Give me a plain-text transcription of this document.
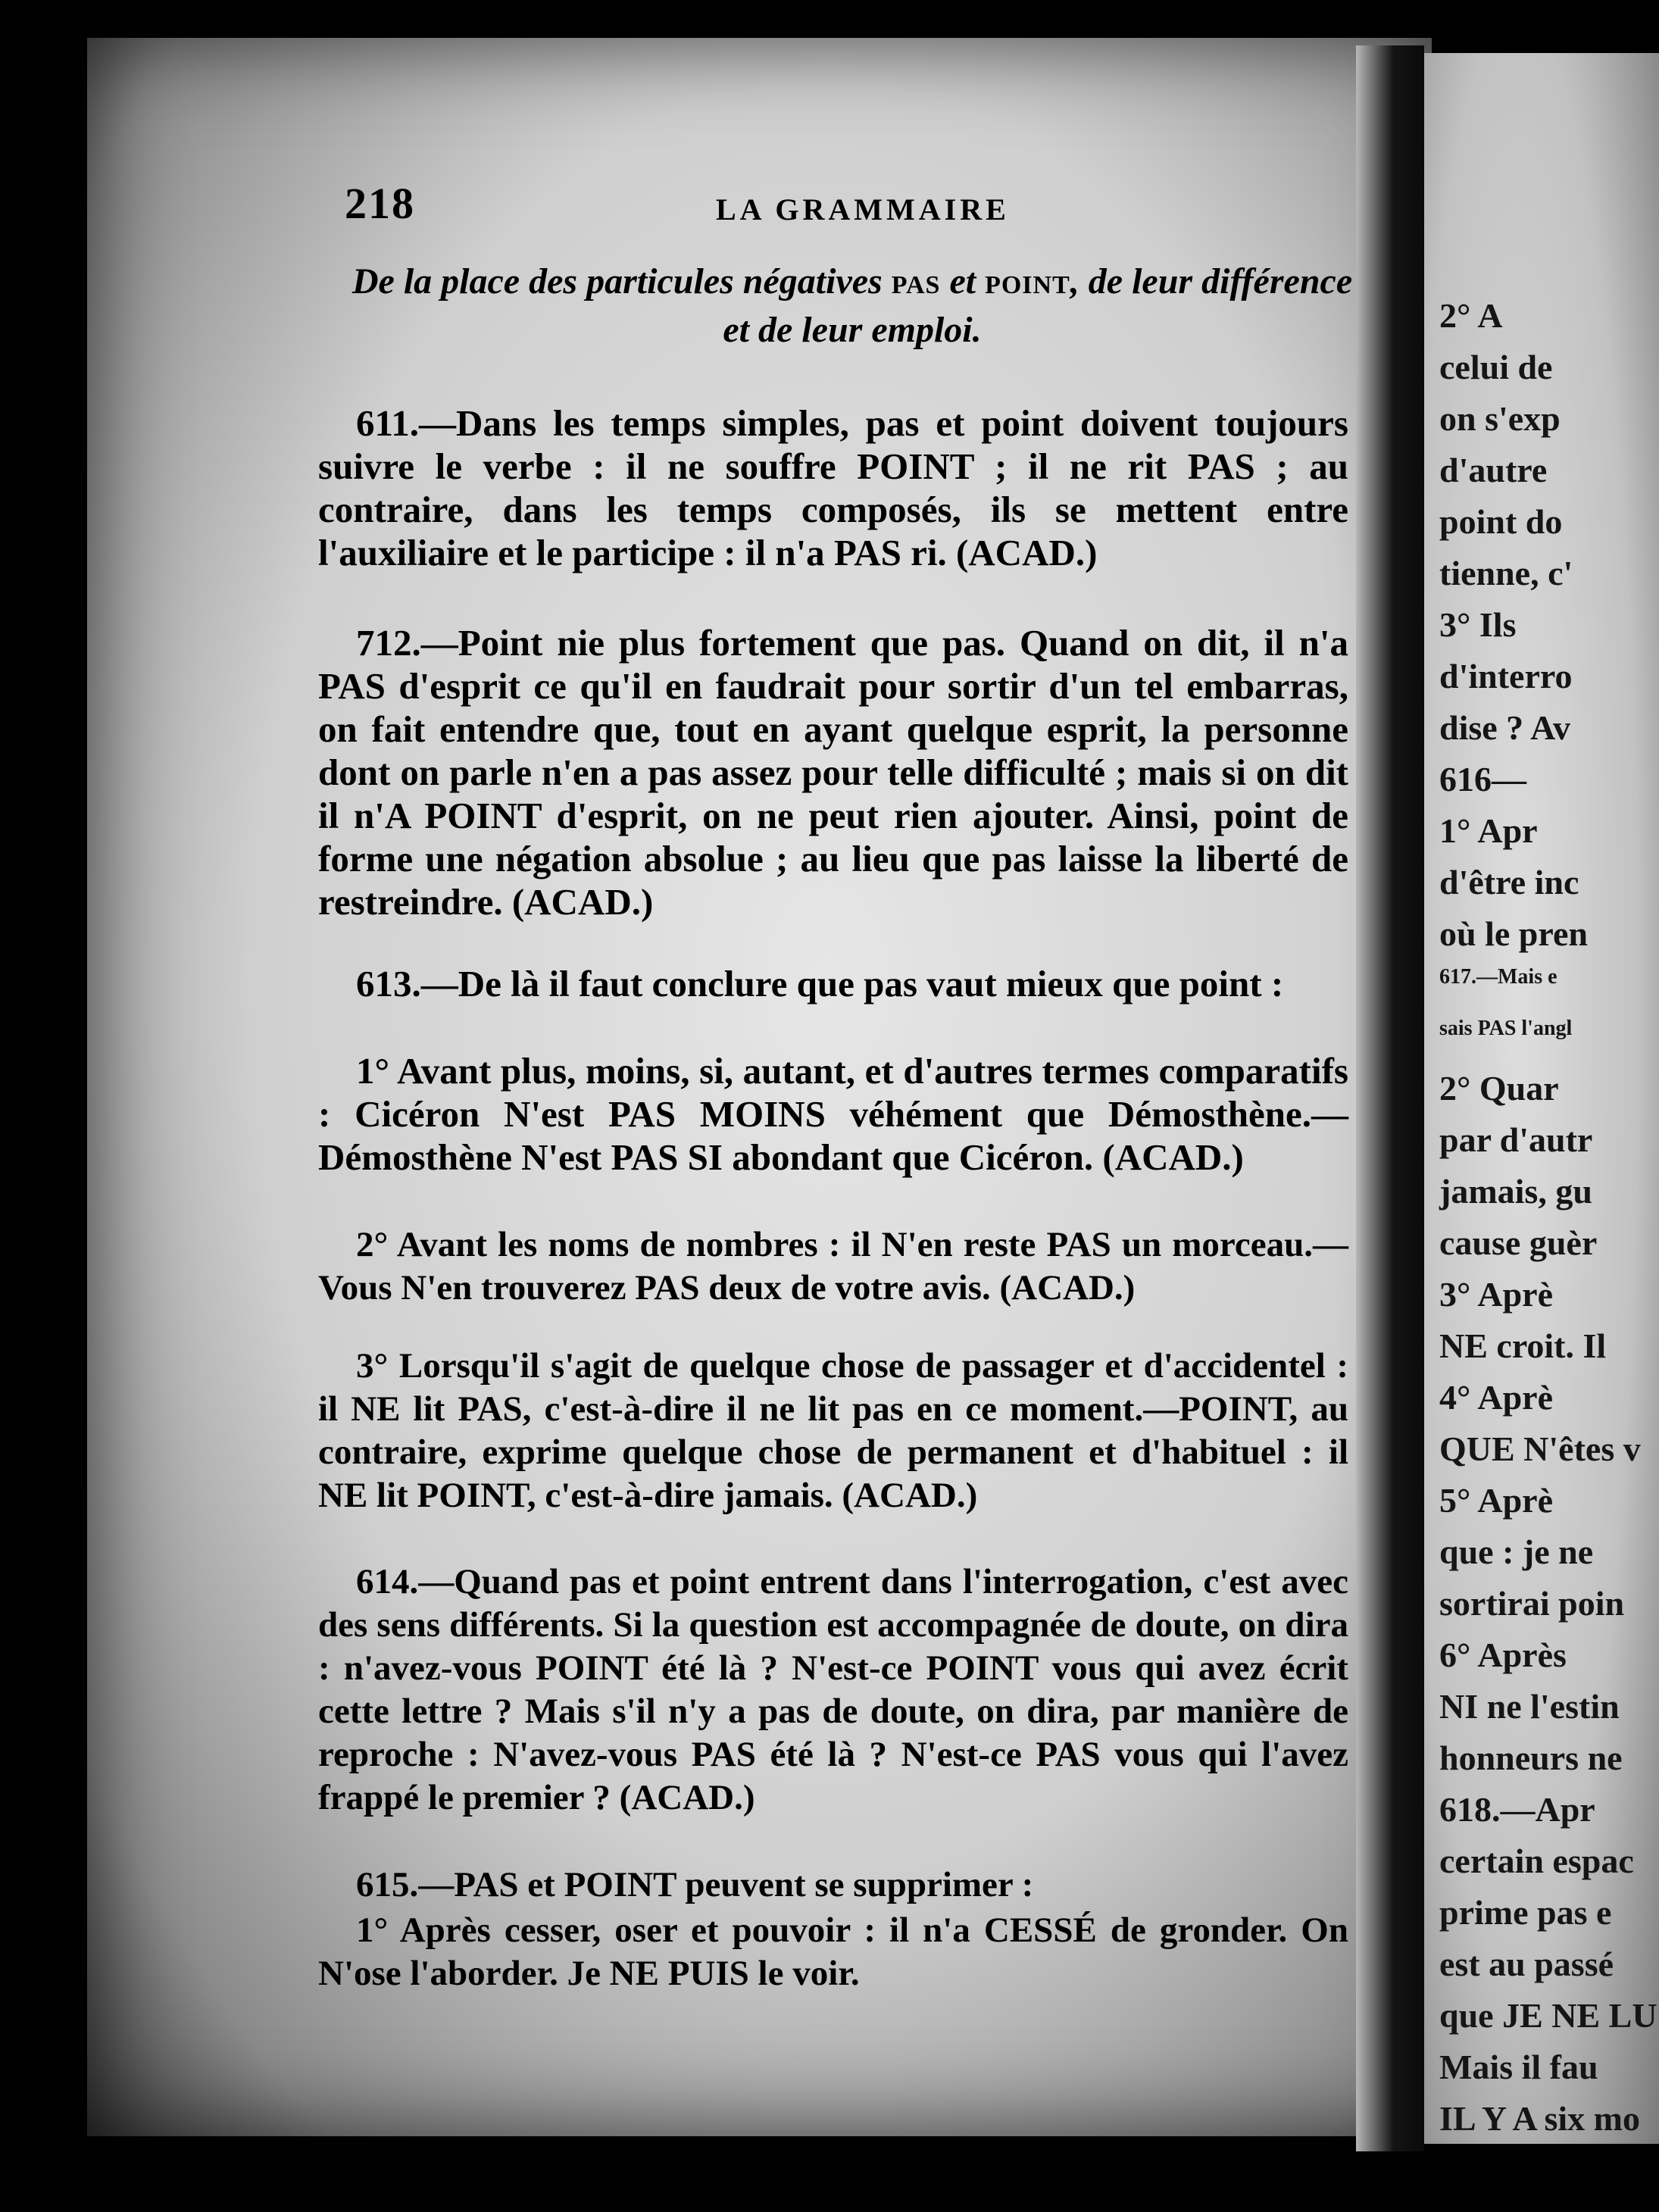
2° A
celui de
on s'exp
d'autre
point do
tienne, c'
3° Ils
d'interro
dise ? Av
616—
1° Apr
d'être inc
où le pren
617.—Mais e
sais PAS l'angl
2° Quar
par d'autr
jamais, gu
cause guèr
3° Aprè
NE croit. Il
4° Aprè
QUE N'êtes v
5° Aprè
que : je ne
sortirai poin
6° Après
NI ne l'estin
honneurs ne
618.—Apr
certain espac
prime pas e
est au passé
que JE NE LU
Mais il fau
IL Y A six mo
218	LA GRAMMAIRE
De la place des particules négatives pas et point, de leur différence et de leur emploi.
611.—Dans les temps simples, pas et point doivent toujours suivre le verbe : il ne souffre POINT ; il ne rit PAS ; au contraire, dans les temps composés, ils se mettent entre l'auxiliaire et le participe : il n'a PAS ri. (ACAD.)
712.—Point nie plus fortement que pas. Quand on dit, il n'a PAS d'esprit ce qu'il en faudrait pour sortir d'un tel embarras, on fait entendre que, tout en ayant quelque esprit, la personne dont on parle n'en a pas assez pour telle difficulté ; mais si on dit il n'A POINT d'esprit, on ne peut rien ajouter. Ainsi, point de forme une négation absolue ; au lieu que pas laisse la liberté de restreindre. (ACAD.)
613.—De là il faut conclure que pas vaut mieux que point :
1° Avant plus, moins, si, autant, et d'autres termes comparatifs : Cicéron N'est PAS MOINS véhément que Démosthène.—Démosthène N'est PAS SI abondant que Cicéron. (ACAD.)
2° Avant les noms de nombres : il N'en reste PAS un morceau.—Vous N'en trouverez PAS deux de votre avis. (ACAD.)
3° Lorsqu'il s'agit de quelque chose de passager et d'accidentel : il NE lit PAS, c'est-à-dire il ne lit pas en ce moment.—POINT, au contraire, exprime quelque chose de permanent et d'habituel : il NE lit POINT, c'est-à-dire jamais. (ACAD.)
614.—Quand pas et point entrent dans l'interrogation, c'est avec des sens différents. Si la question est accompagnée de doute, on dira : n'avez-vous POINT été là ? N'est-ce POINT vous qui avez écrit cette lettre ? Mais s'il n'y a pas de doute, on dira, par manière de reproche : N'avez-vous PAS été là ? N'est-ce PAS vous qui l'avez frappé le premier ? (ACAD.)
615.—PAS et POINT peuvent se supprimer :
1° Après cesser, oser et pouvoir : il n'a CESSÉ de gronder. On N'ose l'aborder. Je NE PUIS le voir.
